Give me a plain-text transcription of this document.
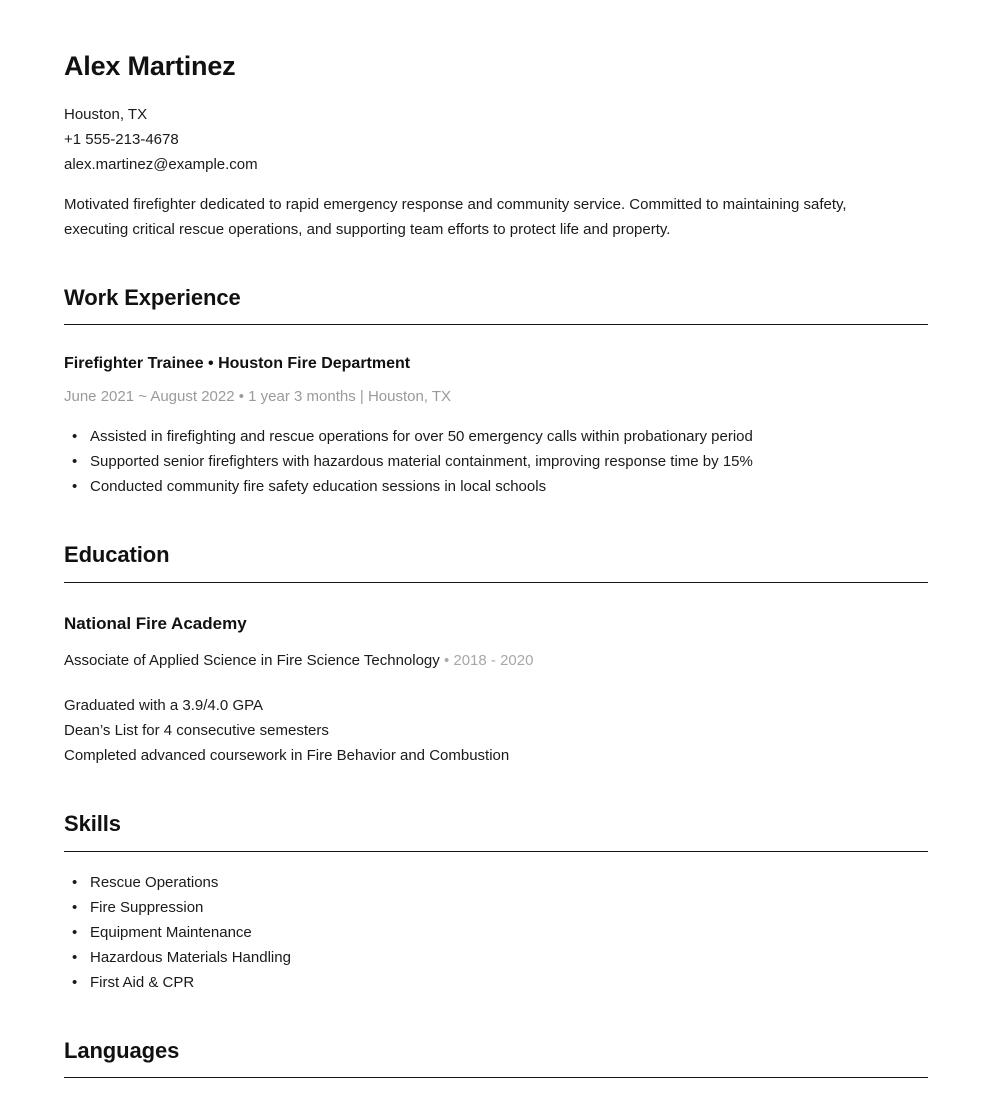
Alex Martinez
Houston, TX
+1 555-213-4678
alex.martinez@example.com

Motivated firefighter dedicated to rapid emergency response and community service. Committed to maintaining safety, executing critical rescue operations, and supporting team efforts to protect life and property.

Work Experience
Firefighter Trainee • Houston Fire Department
June 2021 ~ August 2022 • 1 year 3 months | Houston, TX
• Assisted in firefighting and rescue operations for over 50 emergency calls within probationary period
• Supported senior firefighters with hazardous material containment, improving response time by 15%
• Conducted community fire safety education sessions in local schools
Education
National Fire Academy
Associate of Applied Science in Fire Science Technology • 2018 - 2020
Graduated with a 3.9/4.0 GPA
Dean’s List for 4 consecutive semesters
Completed advanced coursework in Fire Behavior and Combustion
Skills
• Rescue Operations
• Fire Suppression
• Equipment Maintenance
• Hazardous Materials Handling
• First Aid & CPR
Languages
